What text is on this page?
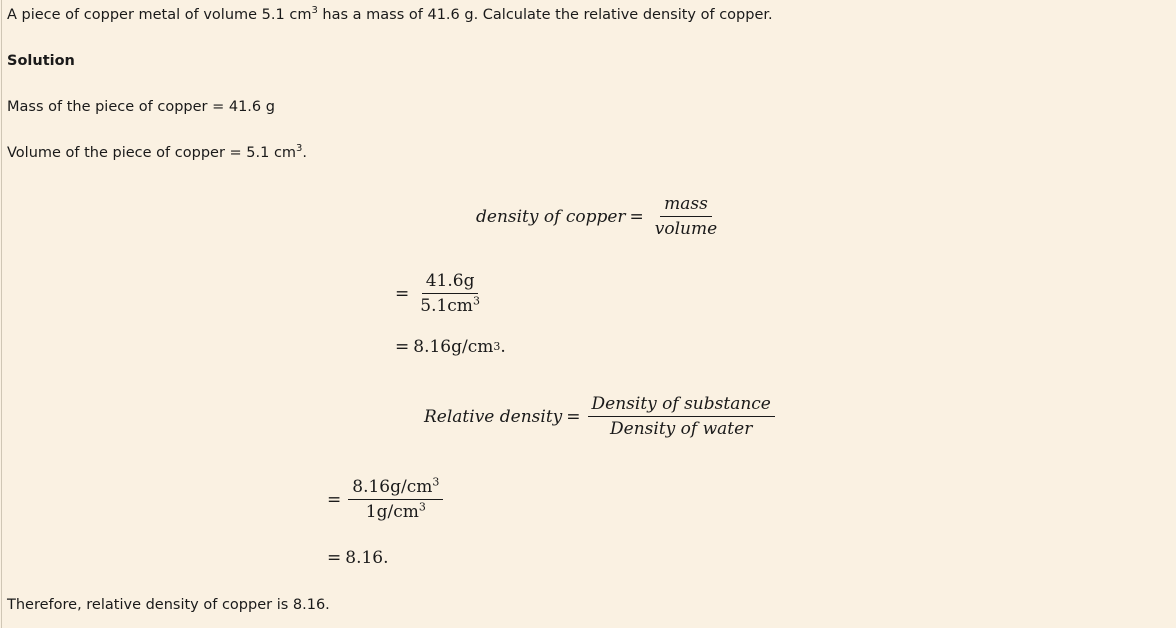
A piece of copper metal of volume 5.1 $cm^3$ has a mass of 41.6 g. Calculate the relative density of copper.
Solution
Mass of the piece of copper = 41.6 g
Volume of the piece of copper = 5.1 $cm^3$.
density of copper = $\frac{\text{mass}}{\text{volume}}$
= $\frac{41.6g}{5.1cm^3}$
= 8.16g/cm 3 .
Relative density = $\frac{\text{Density of substance}}{\text{Density of water}}$
= $\frac{8.16g/cm^3}{1g/cm^3}$
= 8.16.
Therefore, relative density of copper is 8.16.
